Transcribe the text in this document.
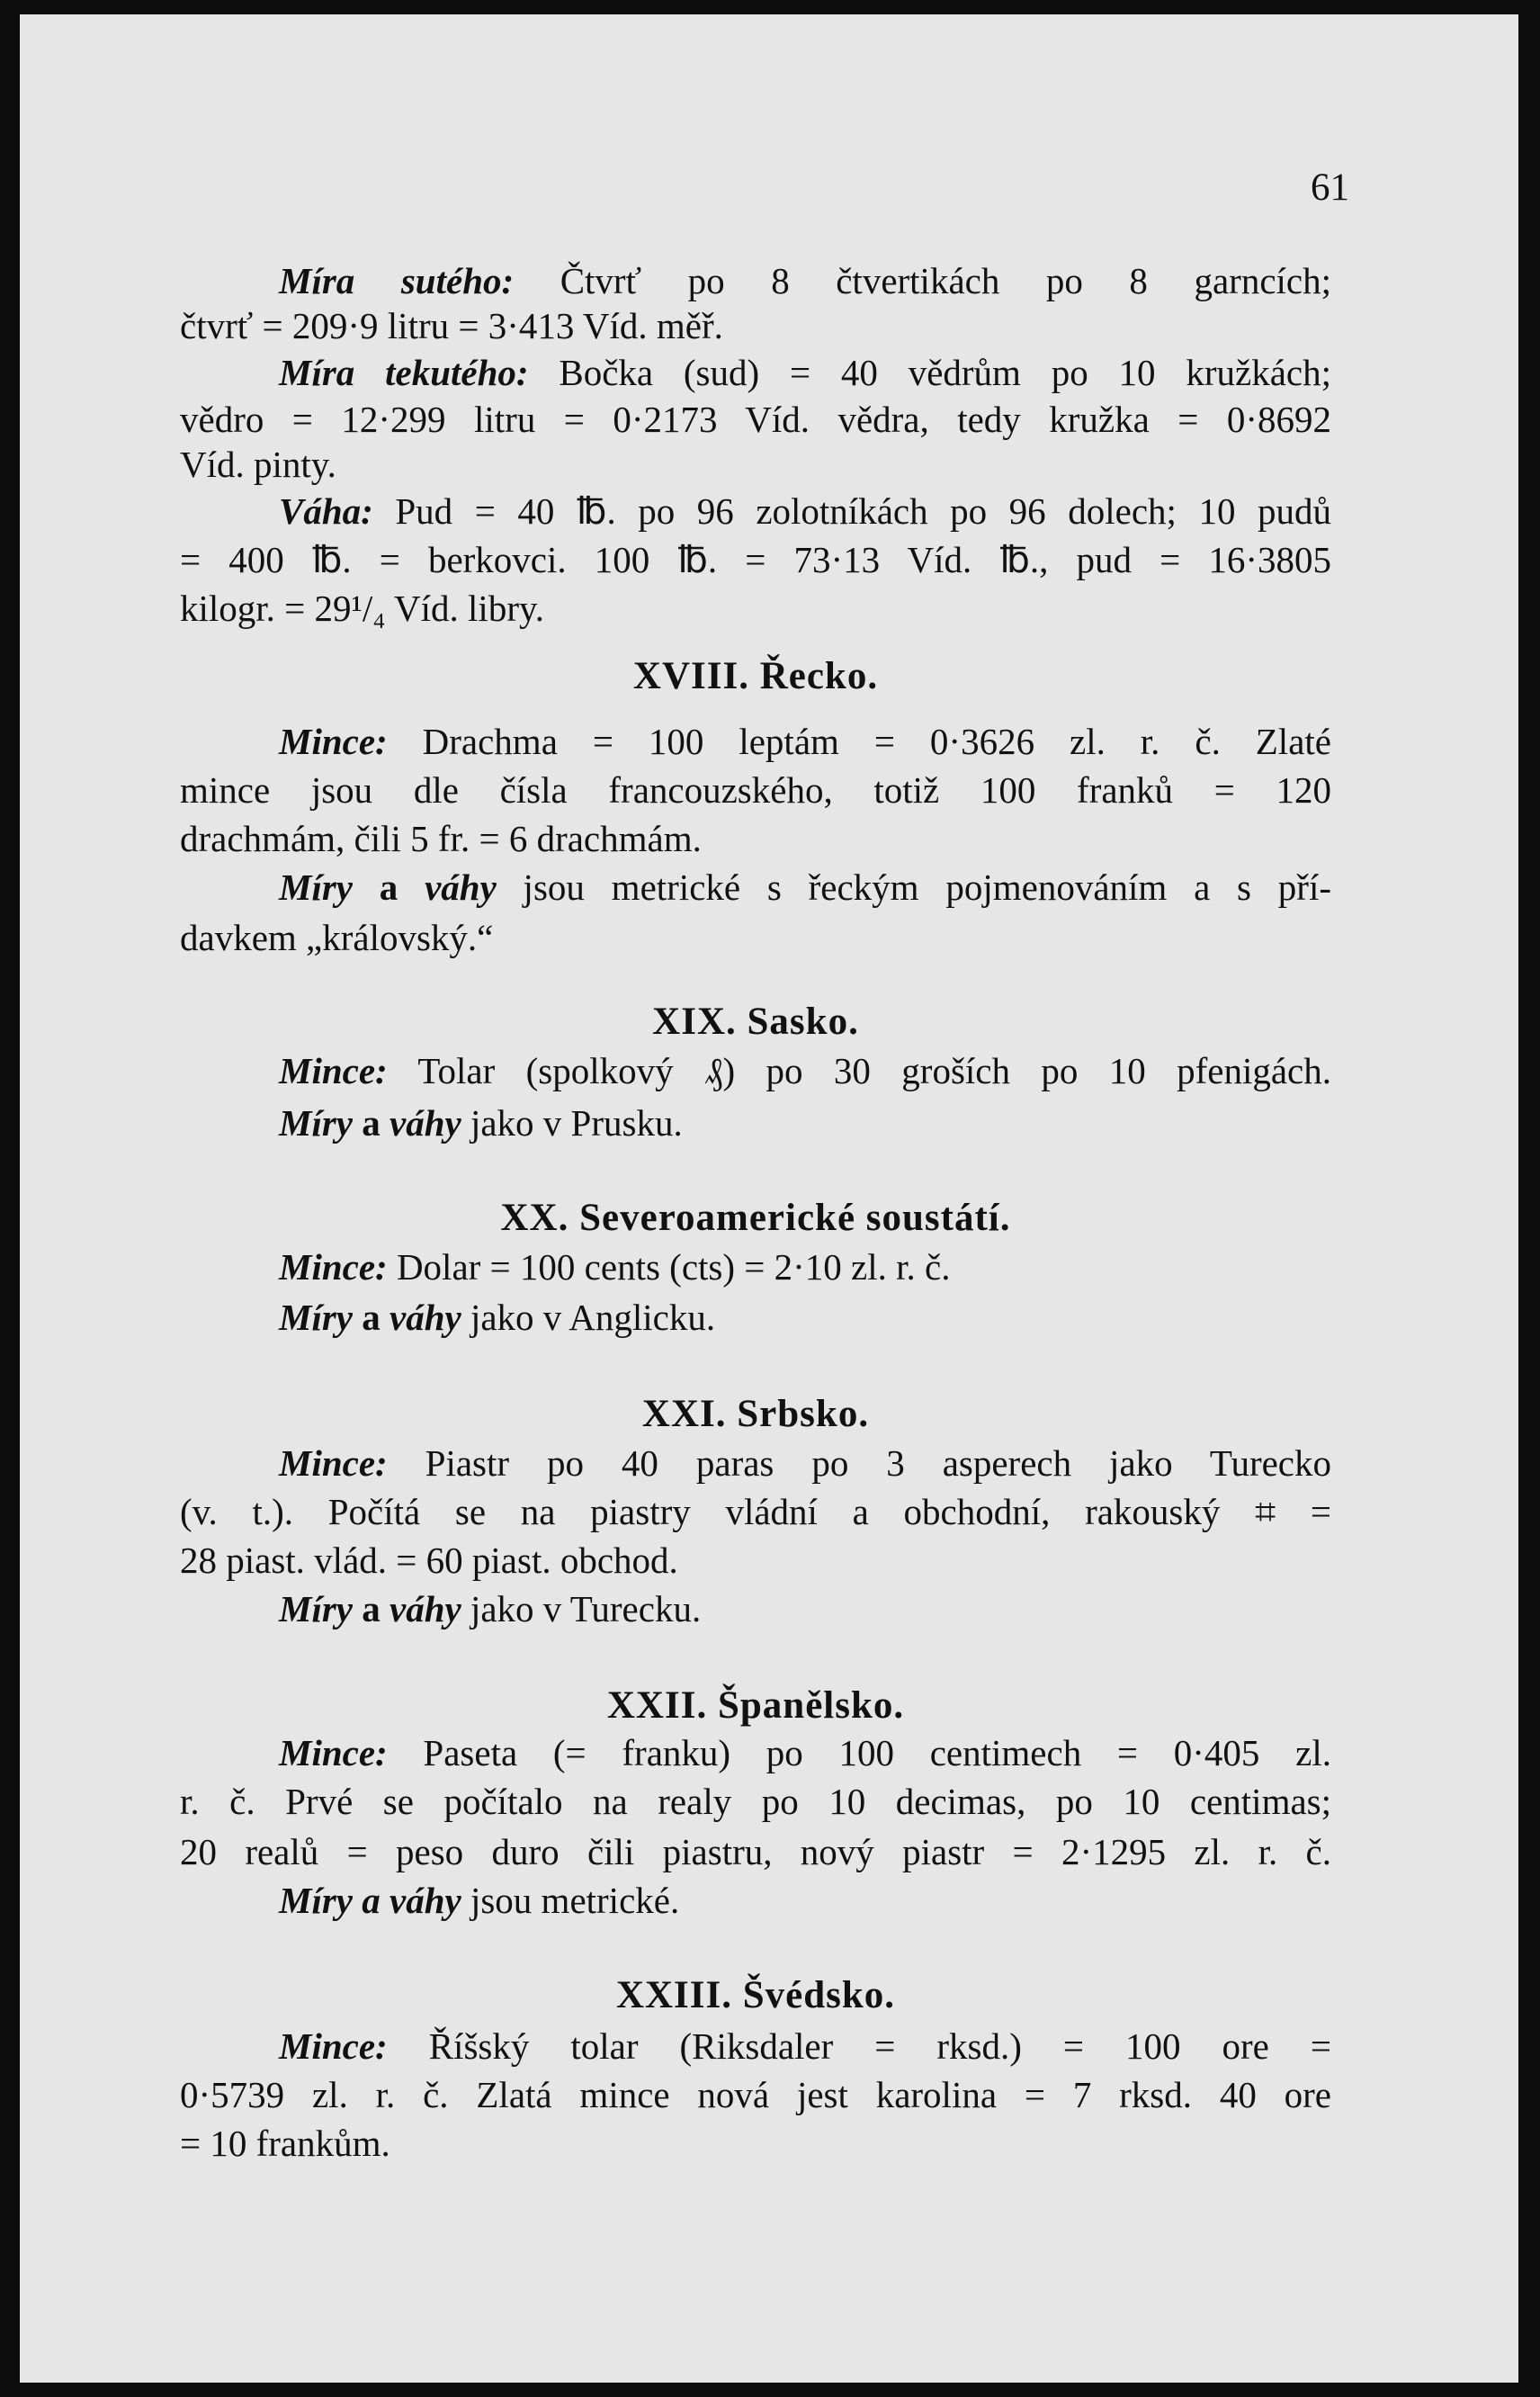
61
Míra sutého: Čtvrť po 8 čtvertikách po 8 garncích;
čtvrť = 209·9 litru = 3·413 Víd. měř.
Míra tekutého: Bočka (sud) = 40 vědrům po 10 kružkách;
vědro = 12·299 litru = 0·2173 Víd. vědra, tedy kružka = 0·8692
Víd. pinty.
Váha: Pud = 40 ℔. po 96 zolotníkách po 96 dolech; 10 pudů
= 400 ℔. = berkovci. 100 ℔. = 73·13 Víd. ℔., pud = 16·3805
kilogr. = 29¹/₄ Víd. libry.
XVIII. Řecko.
Mince: Drachma = 100 leptám = 0·3626 zl. r. č. Zlaté
mince jsou dle čísla francouzského, totiž 100 franků = 120
drachmám, čili 5 fr. = 6 drachmám.
Míry a váhy jsou metrické s řeckým pojmenováním a s pří-
davkem „královský.“
XIX. Sasko.
Mince: Tolar (spolkový ₰) po 30 groších po 10 pfenigách.
Míry a váhy jako v Prusku.
XX. Severoamerické soustátí.
Mince: Dolar = 100 cents (cts) = 2·10 zl. r. č.
Míry a váhy jako v Anglicku.
XXI. Srbsko.
Mince: Piastr po 40 paras po 3 asperech jako Turecko
(v. t.). Počítá se na piastry vládní a obchodní, rakouský ⌗ =
28 piast. vlád. = 60 piast. obchod.
Míry a váhy jako v Turecku.
XXII. Španělsko.
Mince: Paseta (= franku) po 100 centimech = 0·405 zl.
r. č. Prvé se počítalo na realy po 10 decimas, po 10 centimas;
20 realů = peso duro čili piastru, nový piastr = 2·1295 zl. r. č.
Míry a váhy jsou metrické.
XXIII. Švédsko.
Mince: Říšský tolar (Riksdaler = rksd.) = 100 ore =
0·5739 zl. r. č. Zlatá mince nová jest karolina = 7 rksd. 40 ore
= 10 frankům.
